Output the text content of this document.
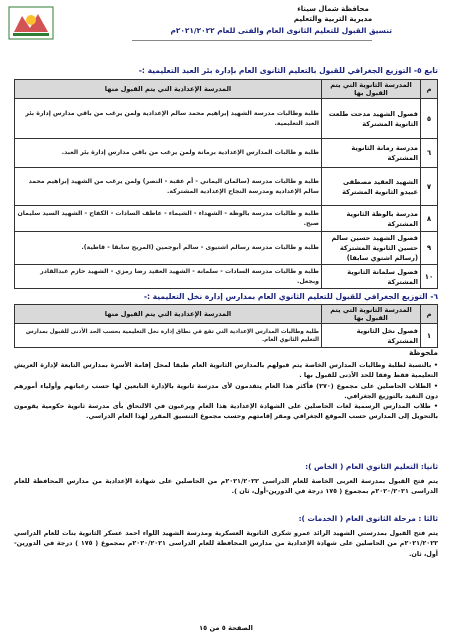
محافظة شمال سيناء
مديرية التربية والتعليم
تنسيق القبول للتعليم الثانوى العام والفنى للعام ٢٠٢١/٢٠٢٢م
تابع ٥- التوزيع الجغرافي للقبول بالتعليم الثانوى العام بإدارة بئر العبد التعليمية :-
م	المدرسة الثانوية التي يتم القبول بها	المدرسة الإعدادية التي يتم القبول منها
٥	فصول الشهيد مدحت طلعت الثانوية المشتركة	طلبة وطالبات مدرسة الشهيد إبراهيم محمد سالم الإعدادية ولمن يرغب من باقي مدارس إدارة بئر العبد التعليمية.
٦	مدرسة رمانة الثانوية المشتركة	طلبة و طالبات المدارس الإعدادية برمانة ولمن يرغب من باقي مدارس إدارة بئر العبد.
٧	الشهيد العقيد مصطفى عبيدو الثانوية المشتركة	طلبة و طالبات مدرسة (سالمان اليماني - أم عقبة - النصر) ولمن يرغب من الشهيد إبراهيم محمد سالم الإعدادية ومدرسة النجاح الإعدادية المشتركة.
٨	مدرسة بالوظة الثانوية المشتركة	طلبة و طالبات مدرسة بالوظة - الشهداء - الشيماء - عاطف السادات - الكفاح - الشهيد السيد سليمان صبح.
٩	فصول الشهيد حسين سالم حسين الثانوية المشتركة (رسالم اشتوي سابقا)	طلبة و طالبات مدرسة رسالم اشتيوى - سالم أبوجمين (المريح سابقا - قاطية).
١٠	فصول سلمانة الثانوية المشتركة	طلبة و طالبات مدرسة السادات - سلمانة - الشهيد العقيد رضا رمزي - الشهيد حازم عبدالقادر وبجعل.
٦- التوزيع الجغرافي للقبول للتعليم الثانوي العام بمدارس إدارة نخل التعليمية :-
م	المدرسة الثانوية التي يتم القبول بها	المدرسة الإعدادية التي يتم القبول منها
١	فصول نخل الثانوية المشتركة	طلبة وطالبات المدارس الإعدادية التي تقع في نطاق إدارة نخل التعليمية بحسب الحد الأدنى للقبول بمدارس التعليم الثانوي العام.
ملحوظة
• بالنسبة لطلبة وطالبات المدارس الخاصة يتم قبولهم بالمدارس الثانوية العام طبقا لمحل إقامة الأسرة بمدارس التابعة لإدارة العريش التعليمية فقط وفقا للحد الأدنى للقبول بها .
• الطلاب الحاصلين على مجموع (٢٧٠) فأكثر هذا العام يتقدمون لأى مدرسة ثانوية بالإدارة التابعين لها حسب رغباتهم وأولياء أمورهم دون التقيد بالتوزيع الجغرافي.
• طلاب المدارس الرسمية لغات الحاصلين على الشهادة الإعدادية هذا العام ويرغبون في الالتحاق بأى مدرسة ثانوية حكومية يقومون بالتحويل إلى المدارس حسب الموقع الجغرافي ومقر إقامتهم وحسب مجموع التنسيق المقرر لهذا العام الدراسي.
ثانيا: التعليم الثانوي العام ( الخاص ):
يتم فتح القبول بمدرسة العربى الخاصة للعام الدراسى ٢٠٢١/٢٠٢٢م من الحاصلين على شهادة الإعدادية من مدارس المحافظة للعام الدراسى ٢٠٢٠/٢٠٢١م بمجموع ( ١٧٥ درجة في الدورين-أول، ثان ).
ثالثا : مرحلة الثانوى العام ( الخدمات ):
يتم فتح القبول بمدرستي الشهيد الرائد عمرو شكرى الثانوية العسكرية ومدرسة الشهيد اللواء احمد عسكر الثانوية بنات للعام الدراسي ٢٠٢١/٢٠٢٢م من الحاصلين على شهادة الإعدادية من مدارس المحافظة للعام الدراسى ٢٠٢٠/٢٠٢١م بمجموع ( ١٧٥ ) درجة في الدورين-أول، ثان.
الصفحة ٥ من ١٥
